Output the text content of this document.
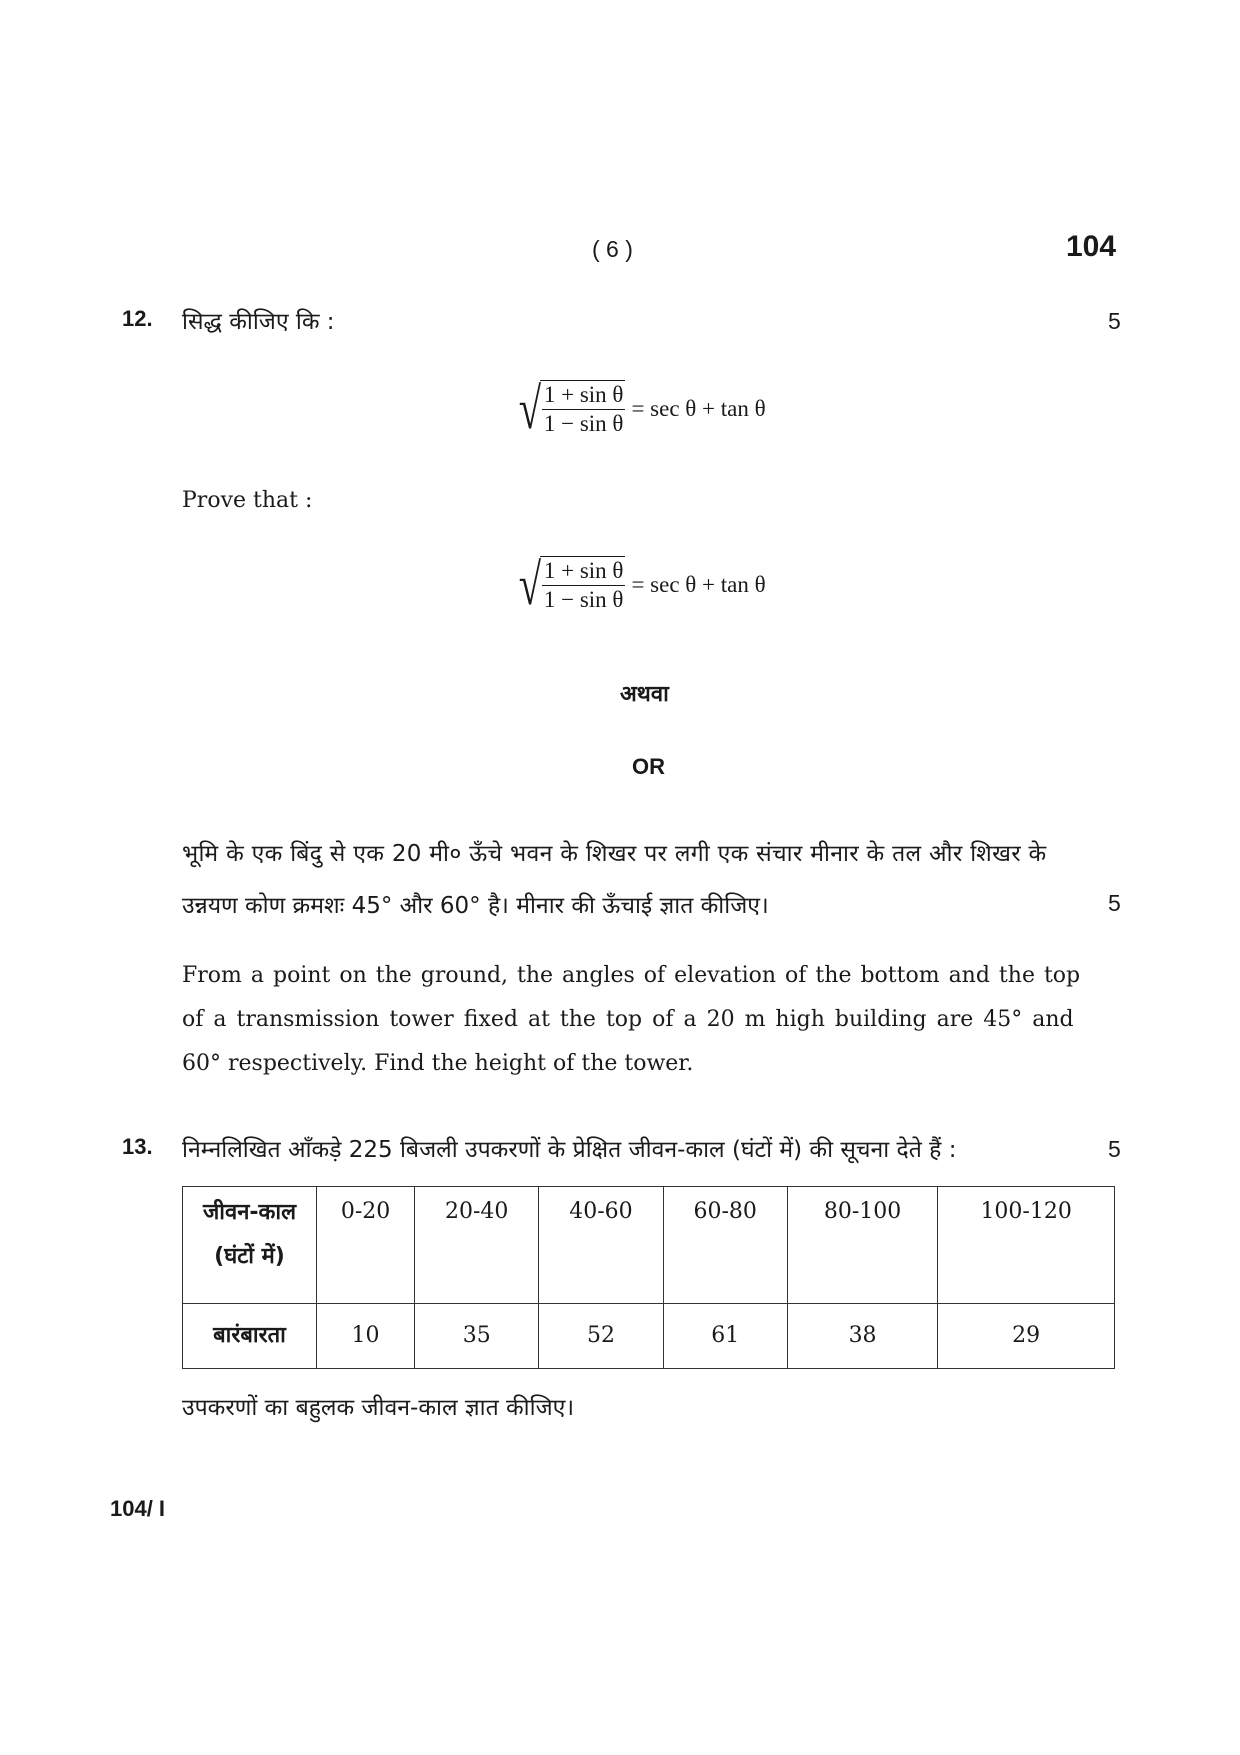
( 6 )	104
12. सिद्ध कीजिए कि :	5
√ $\frac{\text{1 + sin θ}}{\text{1 − sin θ}} = \sec \theta + \tan \theta$
Prove that :
√ $\frac{\text{1 + sin θ}}{\text{1 − sin θ}} = \sec \theta + \tan \theta$
अथवा
OR
भूमि के एक बिंदु से एक 20 मी० ऊँचे भवन के शिखर पर लगी एक संचार मीनार के तल और शिखर के
उन्नयण कोण क्रमशः 45° और 60° है। मीनार की ऊँचाई ज्ञात कीजिए।	5
From a point on the ground, the angles of elevation of the bottom and the top
of a transmission tower fixed at the top of a 20 m high building are 45° and
60° respectively. Find the height of the tower.
13. निम्नलिखित आँकड़े 225 बिजली उपकरणों के प्रेक्षित जीवन-काल (घंटों में) की सूचना देते हैं :	5
जीवन-काल
(घंटों में)	0-20	20-40	40-60	60-80	80-100	100-120
बारंबारता	10	35	52	61	38	29
उपकरणों का बहुलक जीवन-काल ज्ञात कीजिए।
104/ I
